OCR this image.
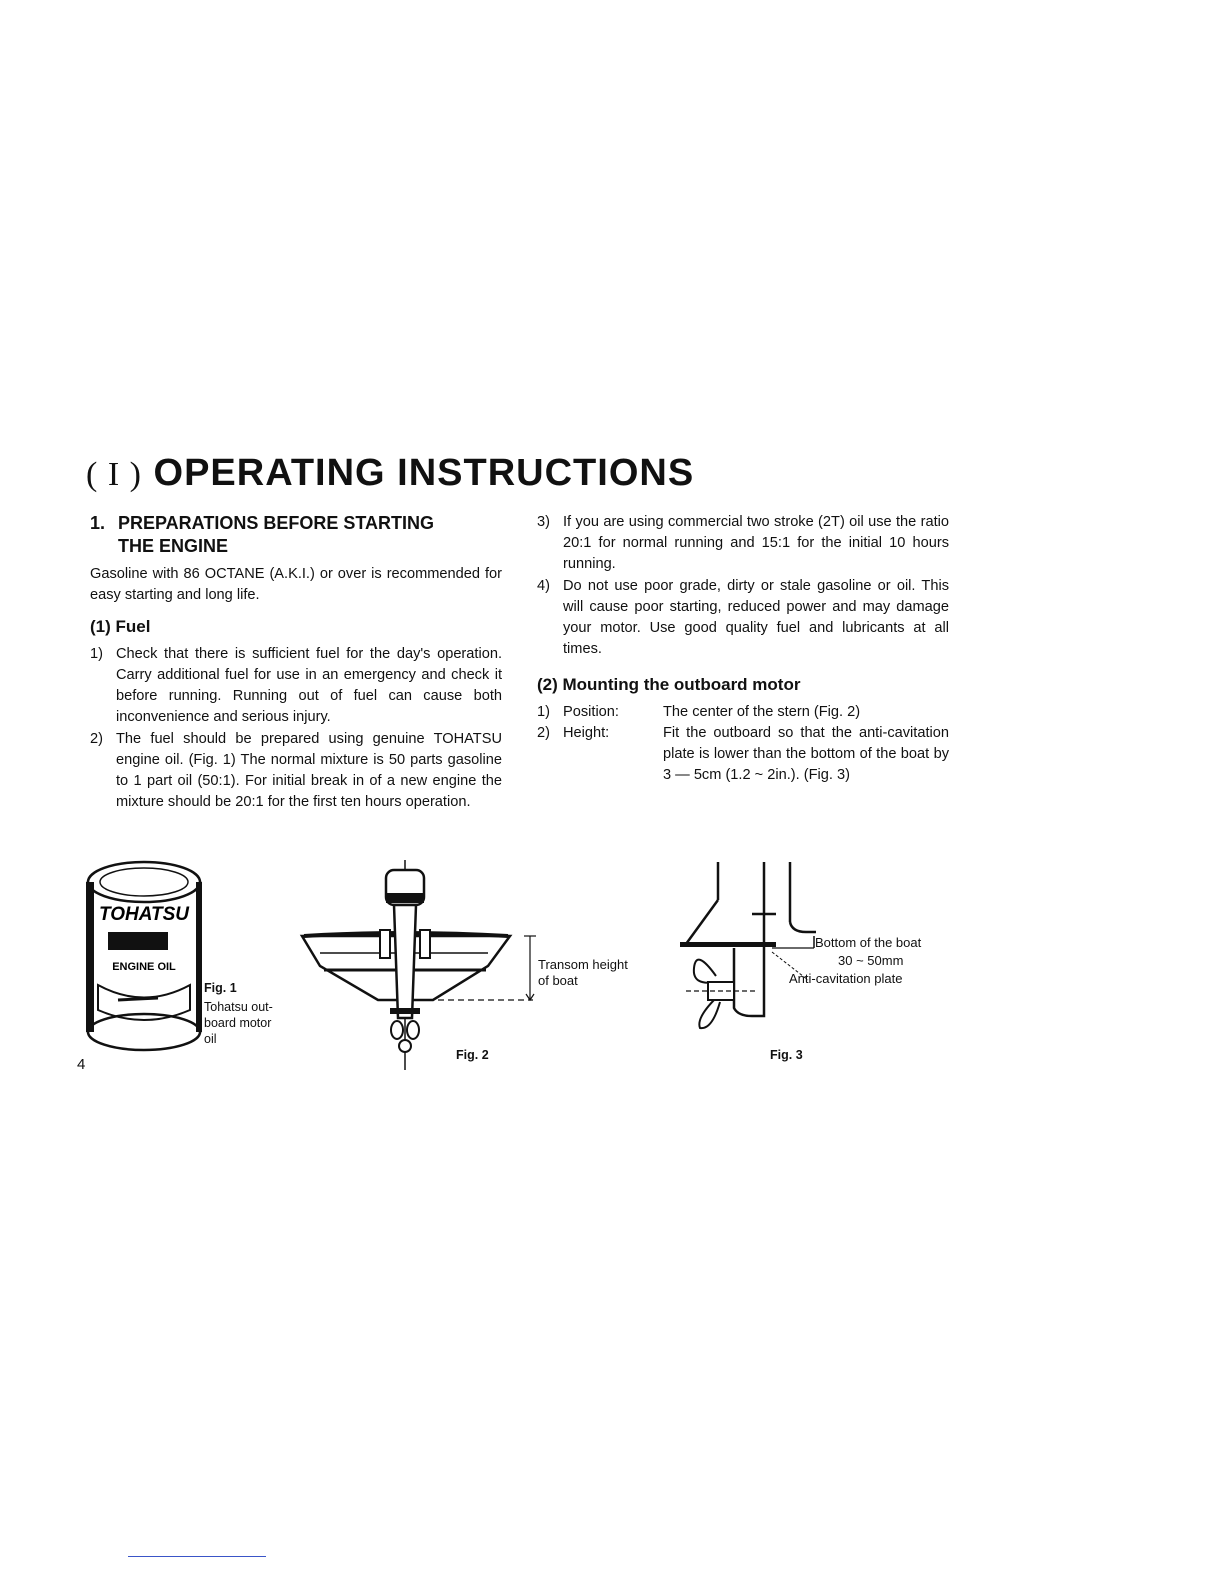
( I ) OPERATING INSTRUCTIONS
1. PREPARATIONS BEFORE STARTING
THE ENGINE

Gasoline with 86 OCTANE (A.K.I.) or over is recommended for easy starting and long life.

(1) Fuel
1) Check that there is sufficient fuel for the day's operation. Carry additional fuel for use in an emergency and check it before running. Running out of fuel can cause both inconvenience and serious injury.
2) The fuel should be prepared using genuine TOHATSU engine oil. (Fig. 1) The normal mixture is 50 parts gasoline to 1 part oil (50:1). For initial break in of a new engine the mixture should be 20:1 for the first ten hours operation.
3) If you are using commercial two stroke (2T) oil use the ratio 20:1 for normal running and 15:1 for the initial 10 hours running.
4) Do not use poor grade, dirty or stale gasoline or oil. This will cause poor starting, reduced power and may damage your motor. Use good quality fuel and lubricants at all times.
(2) Mounting the outboard motor
1) Position:	The center of the stern (Fig. 2)
2) Height:	Fit the outboard so that the anti-cavitation plate is lower than the bottom of the boat by 3 — 5cm (1.2 ~ 2in.). (Fig. 3)
TOHATSU
ENGINE OIL
Fig. 1
Tohatsu out-
board motor
oil
Transom height
of boat
Fig. 2
Bottom of the boat
30 ~ 50mm
Anti-cavitation plate
Fig. 3
4
